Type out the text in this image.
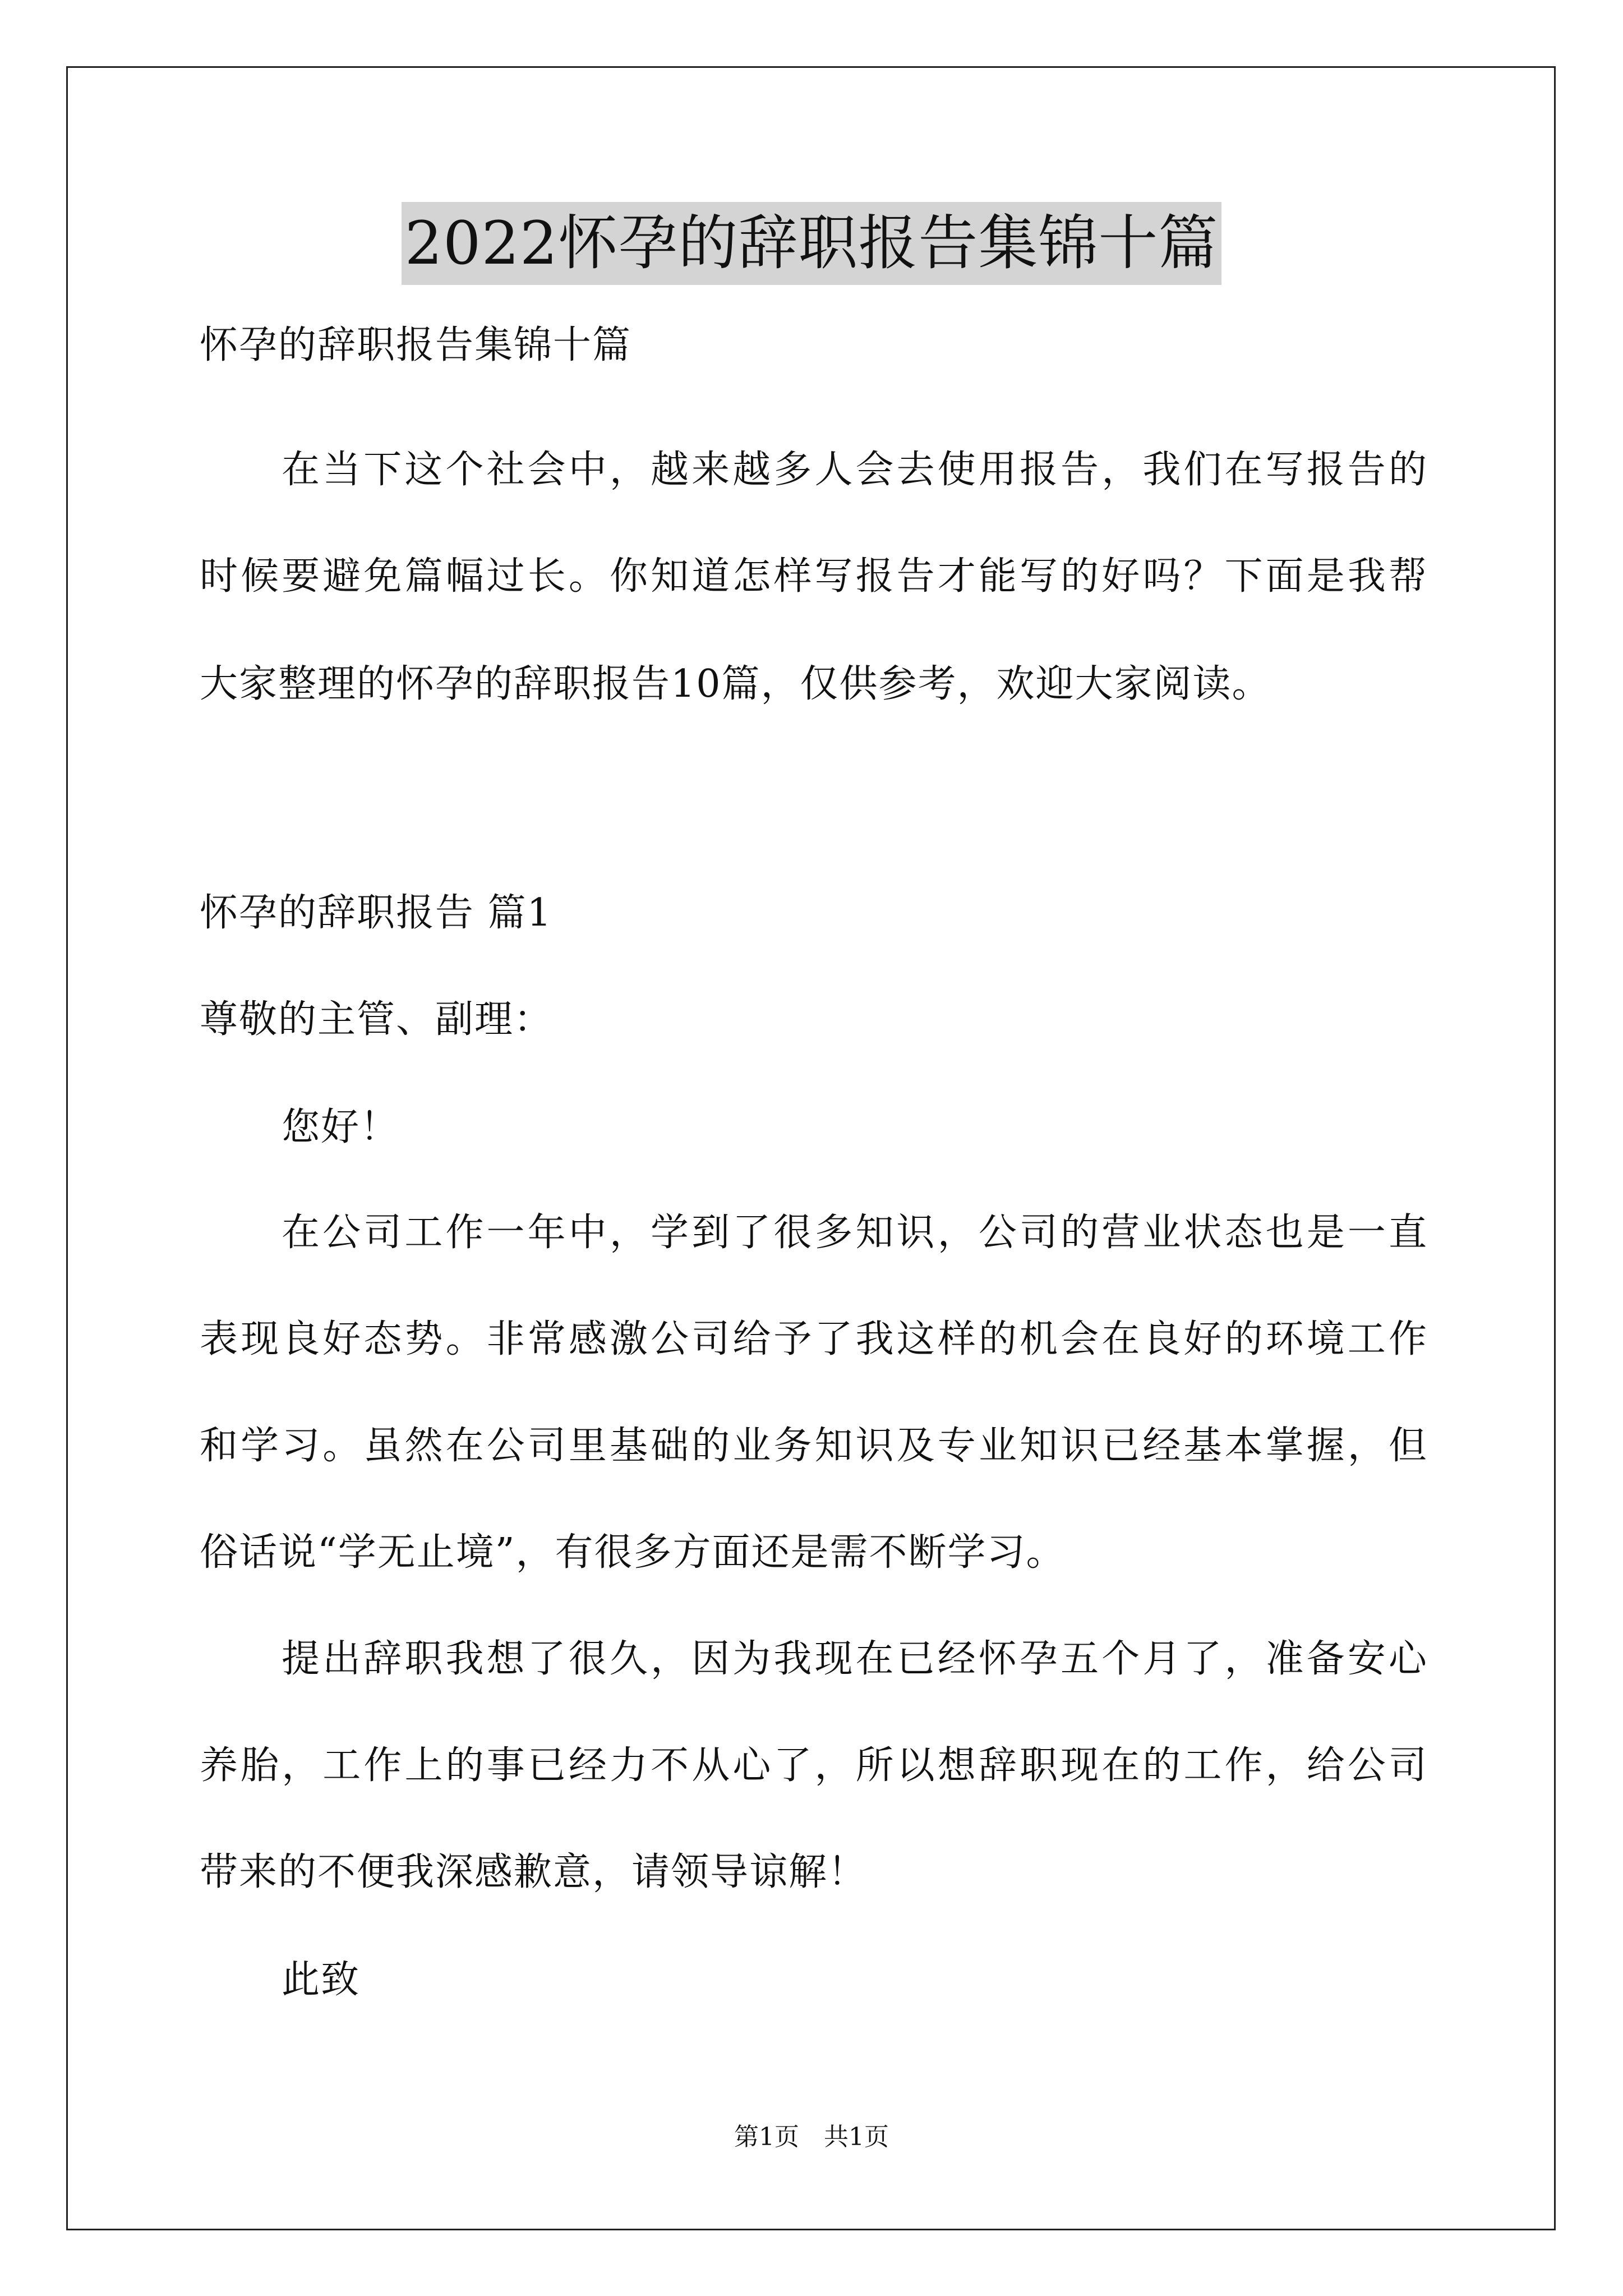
2022怀孕的辞职报告集锦十篇
怀孕的辞职报告集锦十篇
在当下这个社会中，越来越多人会去使用报告，我们在写报告的
时候要避免篇幅过长。你知道怎样写报告才能写的好吗？下面是我帮
大家整理的怀孕的辞职报告10篇，仅供参考，欢迎大家阅读。
怀孕的辞职报告 篇1
尊敬的主管、副理：
您好！
在公司工作一年中，学到了很多知识，公司的营业状态也是一直
表现良好态势。非常感激公司给予了我这样的机会在良好的环境工作
和学习。虽然在公司里基础的业务知识及专业知识已经基本掌握，但
俗话说“学无止境”，有很多方面还是需不断学习。
提出辞职我想了很久，因为我现在已经怀孕五个月了，准备安心
养胎，工作上的事已经力不从心了，所以想辞职现在的工作，给公司
带来的不便我深感歉意，请领导谅解！
此致
第1页　共1页
